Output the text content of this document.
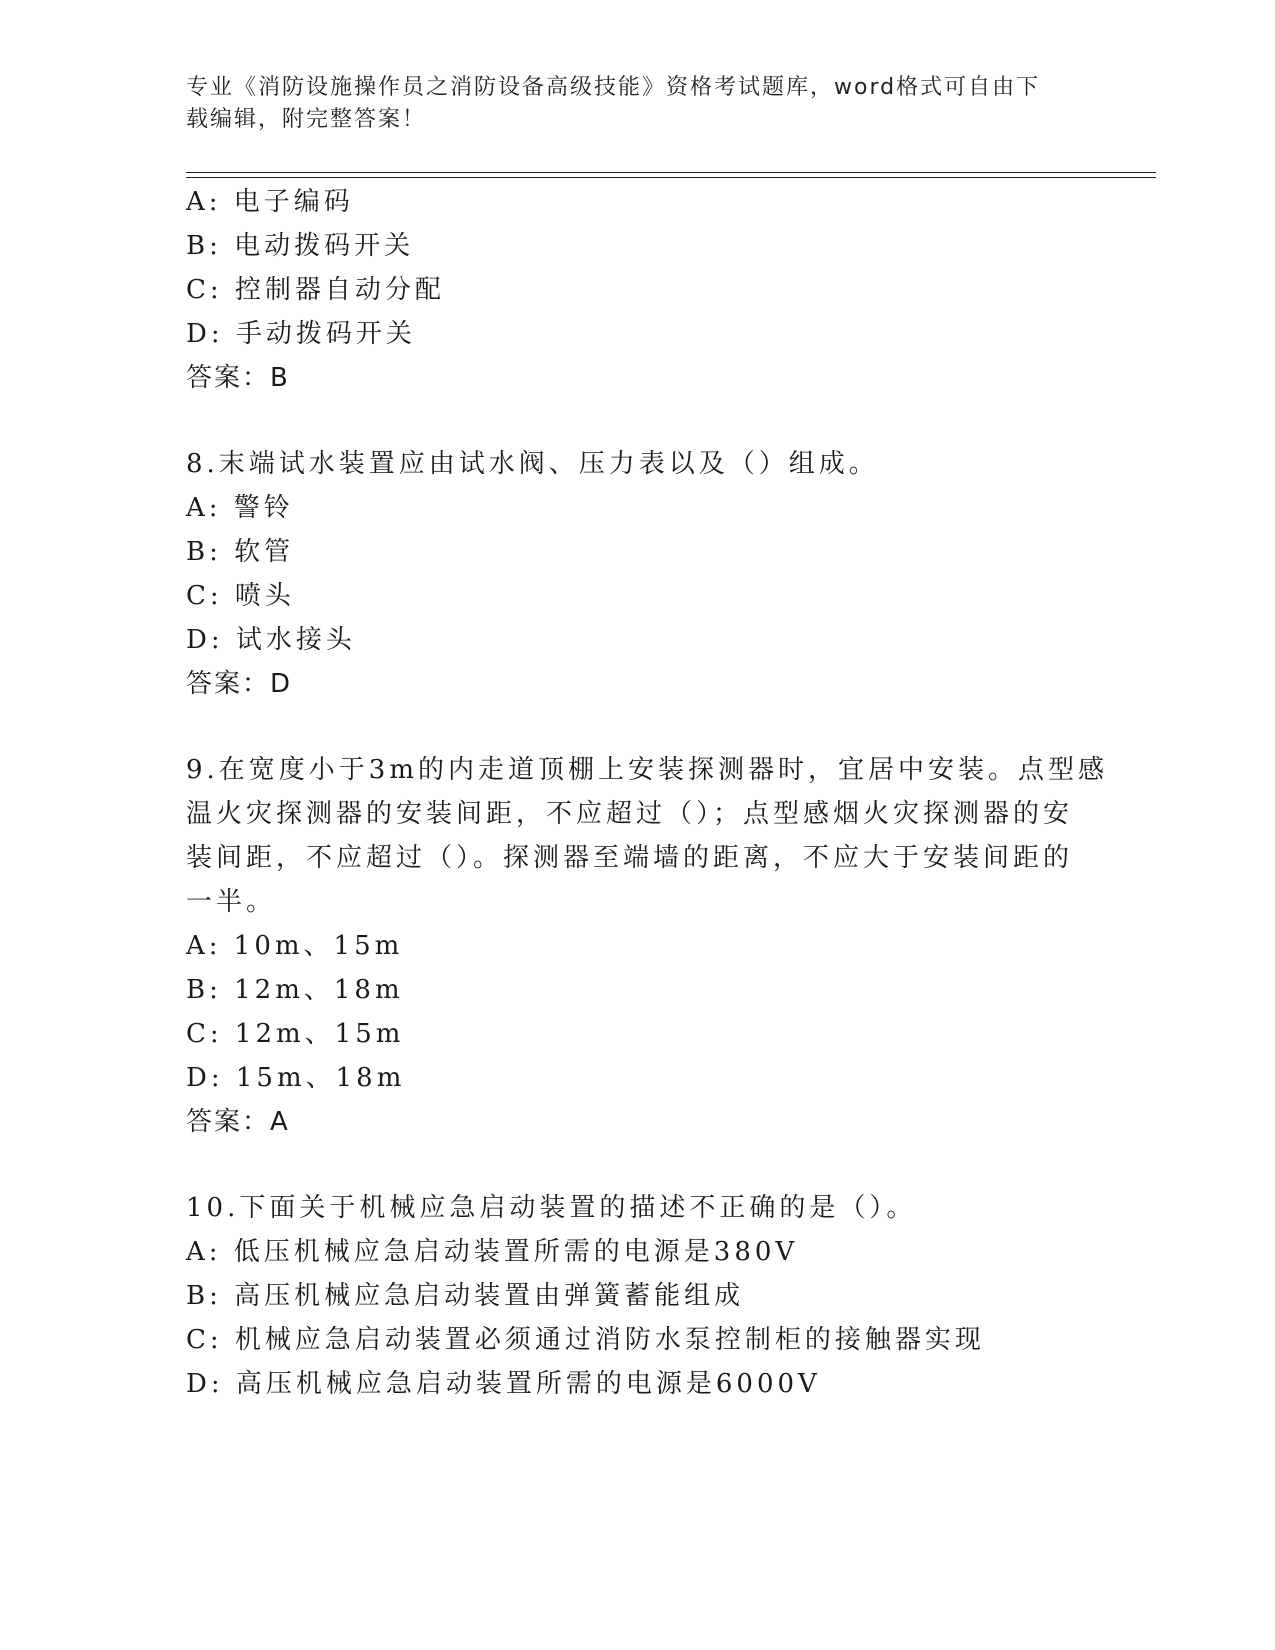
专业《消防设施操作员之消防设备高级技能》资格考试题库，word格式可自由下
载编辑，附完整答案！
A: 电子编码
B: 电动拨码开关
C: 控制器自动分配
D: 手动拨码开关
答案：B
8.末端试水装置应由试水阀、压力表以及（）组成。
A: 警铃
B: 软管
C: 喷头
D: 试水接头
答案：D
9.在宽度小于3m的内走道顶棚上安装探测器时，宜居中安装。点型感
温火灾探测器的安装间距，不应超过（）；点型感烟火灾探测器的安
装间距，不应超过（）。探测器至端墙的距离，不应大于安装间距的
一半。
A: 10m、15m
B: 12m、18m
C: 12m、15m
D: 15m、18m
答案：A
10.下面关于机械应急启动装置的描述不正确的是（）。
A: 低压机械应急启动装置所需的电源是380V
B: 高压机械应急启动装置由弹簧蓄能组成
C: 机械应急启动装置必须通过消防水泵控制柜的接触器实现
D: 高压机械应急启动装置所需的电源是6000V
